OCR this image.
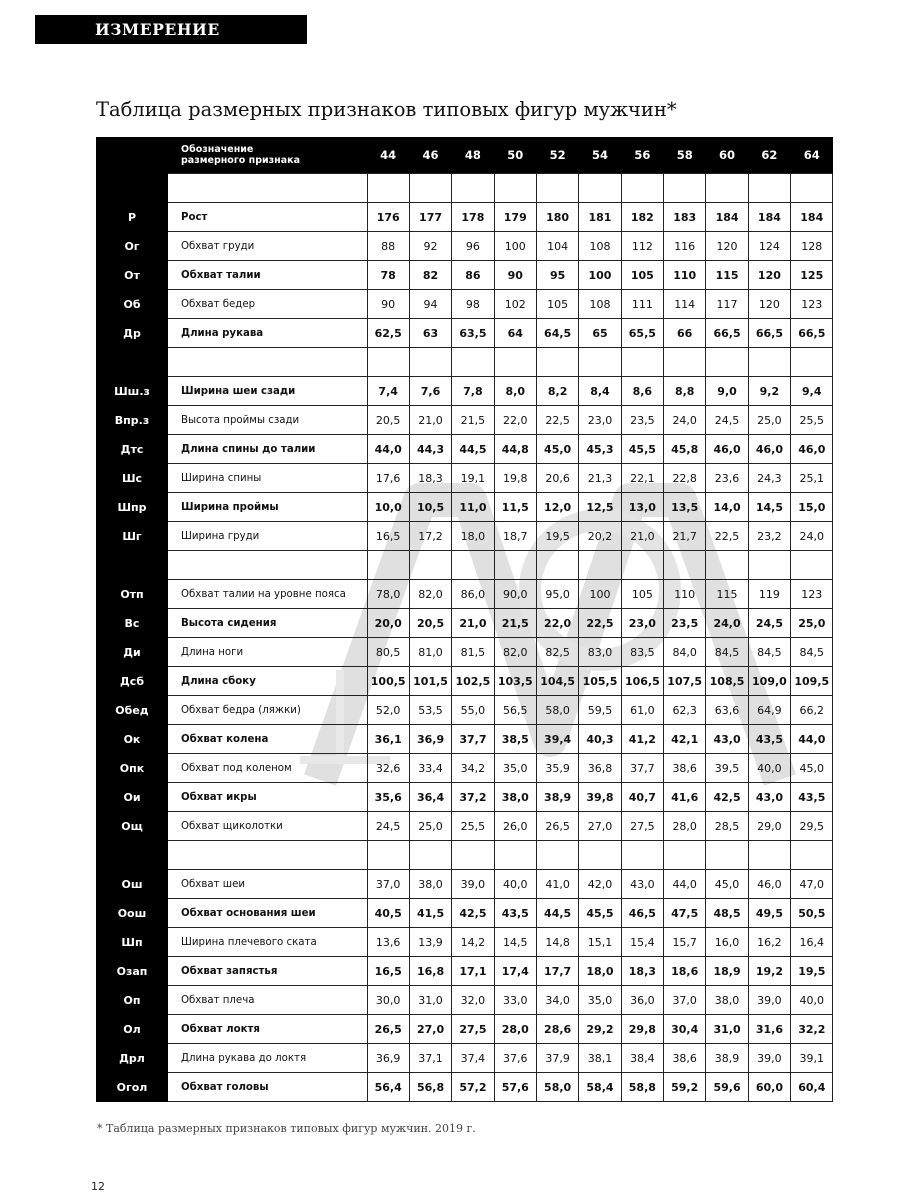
ИЗМЕРЕНИЕ ФИГУРЫ
Таблица размерных признаков типовых фигур мужчин*

	Обозначение
размерного признака	44	46	48	50	52	54	56	58	60	62	64

Р	Рост	176	177	178	179	180	181	182	183	184	184	184
Ог	Обхват груди	88	92	96	100	104	108	112	116	120	124	128
От	Обхват талии	78	82	86	90	95	100	105	110	115	120	125
Об	Обхват бедер	90	94	98	102	105	108	111	114	117	120	123
Др	Длина рукава	62,5	63	63,5	64	64,5	65	65,5	66	66,5	66,5	66,5

Шш.з	Ширина шеи сзади	7,4	7,6	7,8	8,0	8,2	8,4	8,6	8,8	9,0	9,2	9,4
Впр.з	Высота проймы сзади	20,5	21,0	21,5	22,0	22,5	23,0	23,5	24,0	24,5	25,0	25,5
Дтс	Длина спины до талии	44,0	44,3	44,5	44,8	45,0	45,3	45,5	45,8	46,0	46,0	46,0
Шс	Ширина спины	17,6	18,3	19,1	19,8	20,6	21,3	22,1	22,8	23,6	24,3	25,1
Шпр	Ширина проймы	10,0	10,5	11,0	11,5	12,0	12,5	13,0	13,5	14,0	14,5	15,0
Шг	Ширина груди	16,5	17,2	18,0	18,7	19,5	20,2	21,0	21,7	22,5	23,2	24,0

Отп	Обхват талии на уровне пояса	78,0	82,0	86,0	90,0	95,0	100	105	110	115	119	123
Вс	Высота сидения	20,0	20,5	21,0	21,5	22,0	22,5	23,0	23,5	24,0	24,5	25,0
Ди	Длина ноги	80,5	81,0	81,5	82,0	82,5	83,0	83,5	84,0	84,5	84,5	84,5
Дсб	Длина сбоку	100,5	101,5	102,5	103,5	104,5	105,5	106,5	107,5	108,5	109,0	109,5
Обед	Обхват бедра (ляжки)	52,0	53,5	55,0	56,5	58,0	59,5	61,0	62,3	63,6	64,9	66,2
Ок	Обхват колена	36,1	36,9	37,7	38,5	39,4	40,3	41,2	42,1	43,0	43,5	44,0
Опк	Обхват под коленом	32,6	33,4	34,2	35,0	35,9	36,8	37,7	38,6	39,5	40,0	45,0
Ои	Обхват икры	35,6	36,4	37,2	38,0	38,9	39,8	40,7	41,6	42,5	43,0	43,5
Ощ	Обхват щиколотки	24,5	25,0	25,5	26,0	26,5	27,0	27,5	28,0	28,5	29,0	29,5

Ош	Обхват шеи	37,0	38,0	39,0	40,0	41,0	42,0	43,0	44,0	45,0	46,0	47,0
Оош	Обхват основания шеи	40,5	41,5	42,5	43,5	44,5	45,5	46,5	47,5	48,5	49,5	50,5
Шп	Ширина плечевого ската	13,6	13,9	14,2	14,5	14,8	15,1	15,4	15,7	16,0	16,2	16,4
Озап	Обхват запястья	16,5	16,8	17,1	17,4	17,7	18,0	18,3	18,6	18,9	19,2	19,5
Оп	Обхват плеча	30,0	31,0	32,0	33,0	34,0	35,0	36,0	37,0	38,0	39,0	40,0
Ол	Обхват локтя	26,5	27,0	27,5	28,0	28,6	29,2	29,8	30,4	31,0	31,6	32,2
Дрл	Длина рукава до локтя	36,9	37,1	37,4	37,6	37,9	38,1	38,4	38,6	38,9	39,0	39,1
Огол	Обхват головы	56,4	56,8	57,2	57,6	58,0	58,4	58,8	59,2	59,6	60,0	60,4
* Таблица размерных признаков типовых фигур мужчин. 2019 г.
12
